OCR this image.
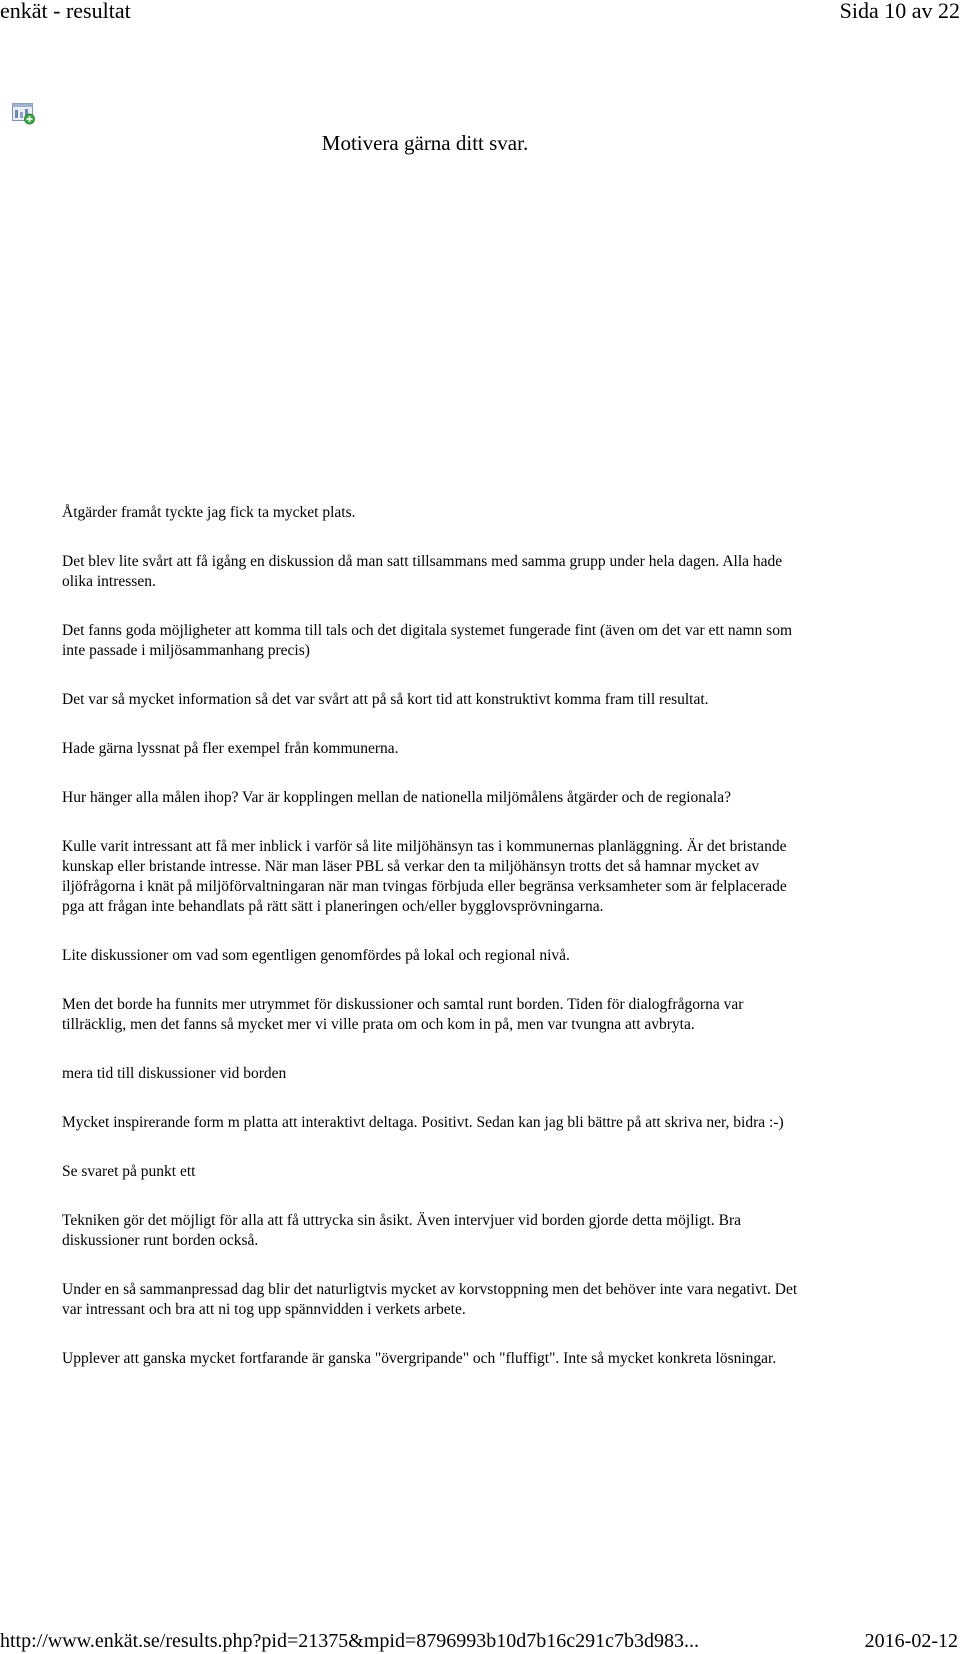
enkät - resultat	Sida 10 av 22
Motivera gärna ditt svar.

Åtgärder framåt tyckte jag fick ta mycket plats.

Det blev lite svårt att få igång en diskussion då man satt tillsammans med samma grupp under hela dagen. Alla hade olika intressen.

Det fanns goda möjligheter att komma till tals och det digitala systemet fungerade fint (även om det var ett namn som inte passade i miljösammanhang precis)

Det var så mycket information så det var svårt att på så kort tid att konstruktivt komma fram till resultat.

Hade gärna lyssnat på fler exempel från kommunerna.

Hur hänger alla målen ihop? Var är kopplingen mellan de nationella miljömålens åtgärder och de regionala?

Kulle varit intressant att få mer inblick i varför så lite miljöhänsyn tas i kommunernas planläggning. Är det bristande kunskap eller bristande intresse. När man läser PBL så verkar den ta miljöhänsyn trotts det så hamnar mycket av iljöfrågorna i knät på miljöförvaltningaran när man tvingas förbjuda eller begränsa verksamheter som är felplacerade pga att frågan inte behandlats på rätt sätt i planeringen och/eller bygglovsprövningarna.

Lite diskussioner om vad som egentligen genomfördes på lokal och regional nivå.

Men det borde ha funnits mer utrymmet för diskussioner och samtal runt borden. Tiden för dialogfrågorna var tillräcklig, men det fanns så mycket mer vi ville prata om och kom in på, men var tvungna att avbryta.

mera tid till diskussioner vid borden

Mycket inspirerande form m platta att interaktivt deltaga. Positivt. Sedan kan jag bli bättre på att skriva ner, bidra :-)

Se svaret på punkt ett

Tekniken gör det möjligt för alla att få uttrycka sin åsikt. Även intervjuer vid borden gjorde detta möjligt. Bra diskussioner runt borden också.

Under en så sammanpressad dag blir det naturligtvis mycket av korvstoppning men det behöver inte vara negativt. Det var intressant och bra att ni tog upp spännvidden i verkets arbete.

Upplever att ganska mycket fortfarande är ganska "övergripande" och "fluffigt". Inte så mycket konkreta lösningar.

http://www.enkät.se/results.php?pid=21375&mpid=8796993b10d7b16c291c7b3d983...	2016-02-12
